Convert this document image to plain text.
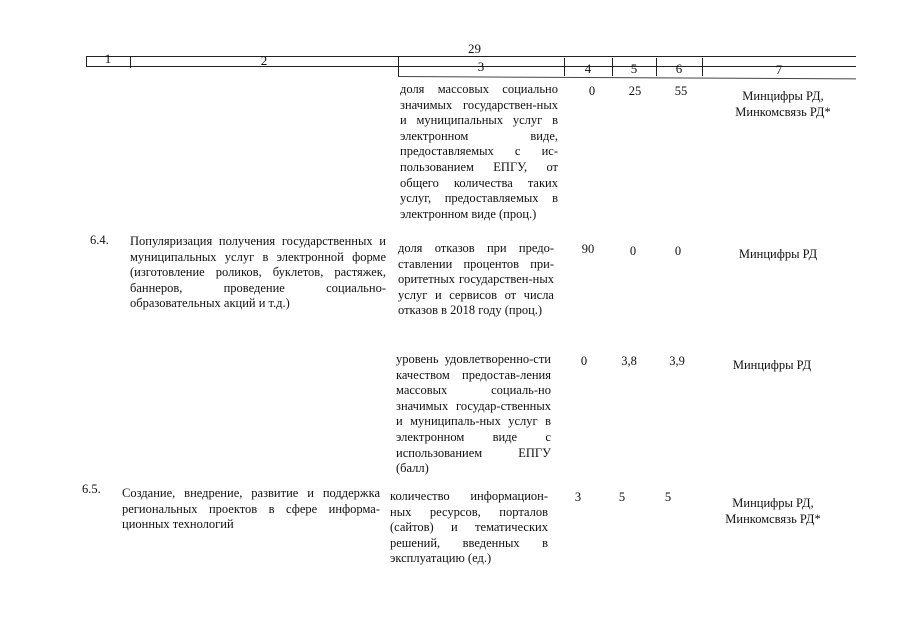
29
1	2	3	4	5	6	7
доля массовых социально значимых государствен-ных и муниципальных услуг в электронном виде, предоставляемых с ис-пользованием ЕПГУ, от общего количества таких услуг, предоставляемых в электронном виде (проц.)
0	25	55	Минцифры РД, Минкомсвязь РД*
6.4. Популяризация получения государственных и муниципальных услуг в электронной форме (изготовление роликов, буклетов, растяжек, баннеров, проведение социально-образовательных акций и т.д.)
доля отказов при предо-ставлении процентов при-оритетных государствен-ных услуг и сервисов от числа отказов в 2018 году (проц.)
90	0	0	Минцифры РД
уровень удовлетворенно-сти качеством предостав-ления массовых социаль-но значимых государ-ственных и муниципаль-ных услуг в электронном виде с использованием ЕПГУ (балл)
0	3,8	3,9	Минцифры РД
6.5. Создание, внедрение, развитие и поддержка региональных проектов в сфере информа-ционных технологий
количество информацион-ных ресурсов, порталов (сайтов) и тематических решений, введенных в эксплуатацию (ед.)
3	5	5	Минцифры РД, Минкомсвязь РД*
